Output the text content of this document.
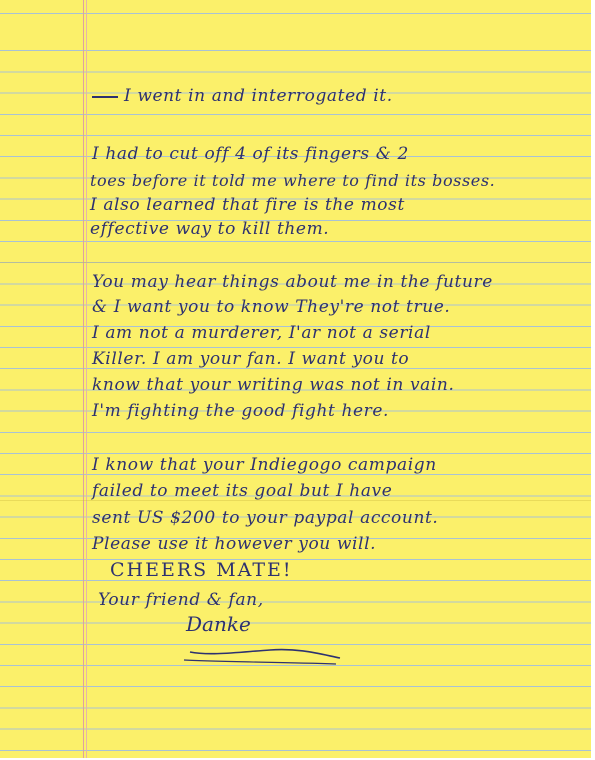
I went in and interrogated it.

I had to cut off 4 of its fingers & 2

toes before it told me where to find its bosses.

I also learned that fire is the most

effective way to kill them.

You may hear things about me in the future

& I want you to know They're not true.

I am not a murderer, I'ar not a serial

Killer. I am your fan. I want you to

know that your writing was not in vain.

I'm fighting the good fight here.

I know that your Indiegogo campaign

failed to meet its goal but I have

sent US $200 to your paypal account.

Please use it however you will.

CHEERS MATE!

Your friend & fan,

Danke
